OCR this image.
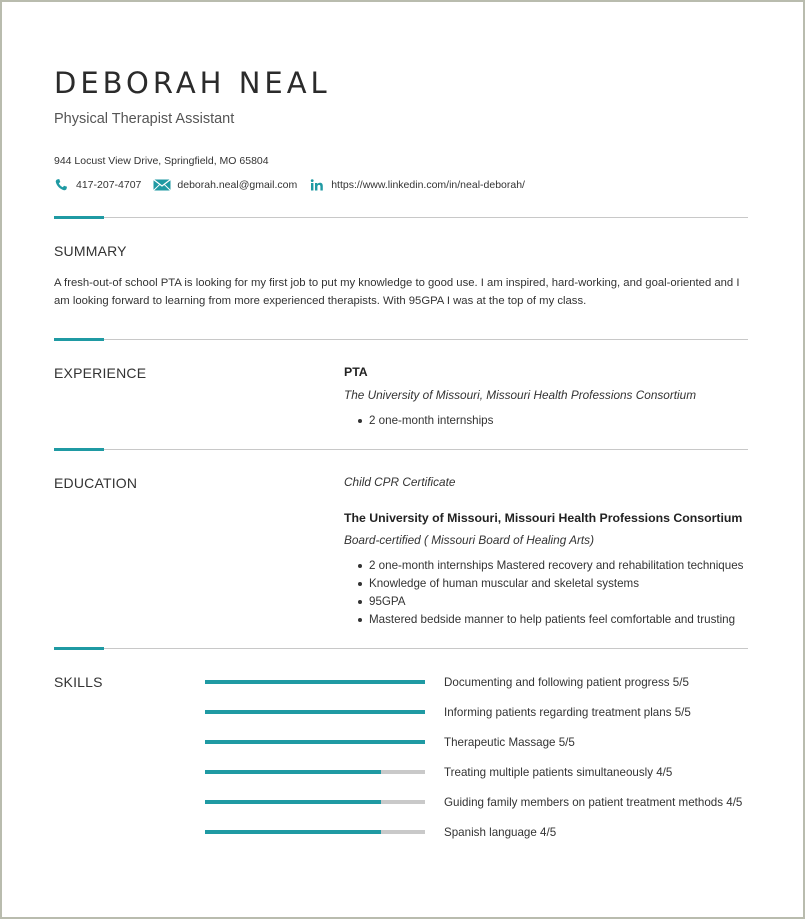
DEBORAH NEAL
Physical Therapist Assistant
944 Locust View Drive, Springfield, MO 65804
417-207-4707	deborah.neal@gmail.com	https://www.linkedin.com/in/neal-deborah/
SUMMARY
A fresh-out-of school PTA is looking for my first job to put my knowledge to good use. I am inspired, hard-working, and goal-oriented and I am looking forward to learning from more experienced therapists. With 95GPA I was at the top of my class.
EXPERIENCE	PTA
The University of Missouri, Missouri Health Professions Consortium
2 one-month internships
EDUCATION	Child CPR Certificate
The University of Missouri, Missouri Health Professions Consortium
Board-certified ( Missouri Board of Healing Arts)
2 one-month internships Mastered recovery and rehabilitation techniques
Knowledge of human muscular and skeletal systems
95GPA
Mastered bedside manner to help patients feel comfortable and trusting
SKILLS	Documenting and following patient progress 5/5
Informing patients regarding treatment plans 5/5
Therapeutic Massage 5/5
Treating multiple patients simultaneously 4/5
Guiding family members on patient treatment methods 4/5
Spanish language 4/5
